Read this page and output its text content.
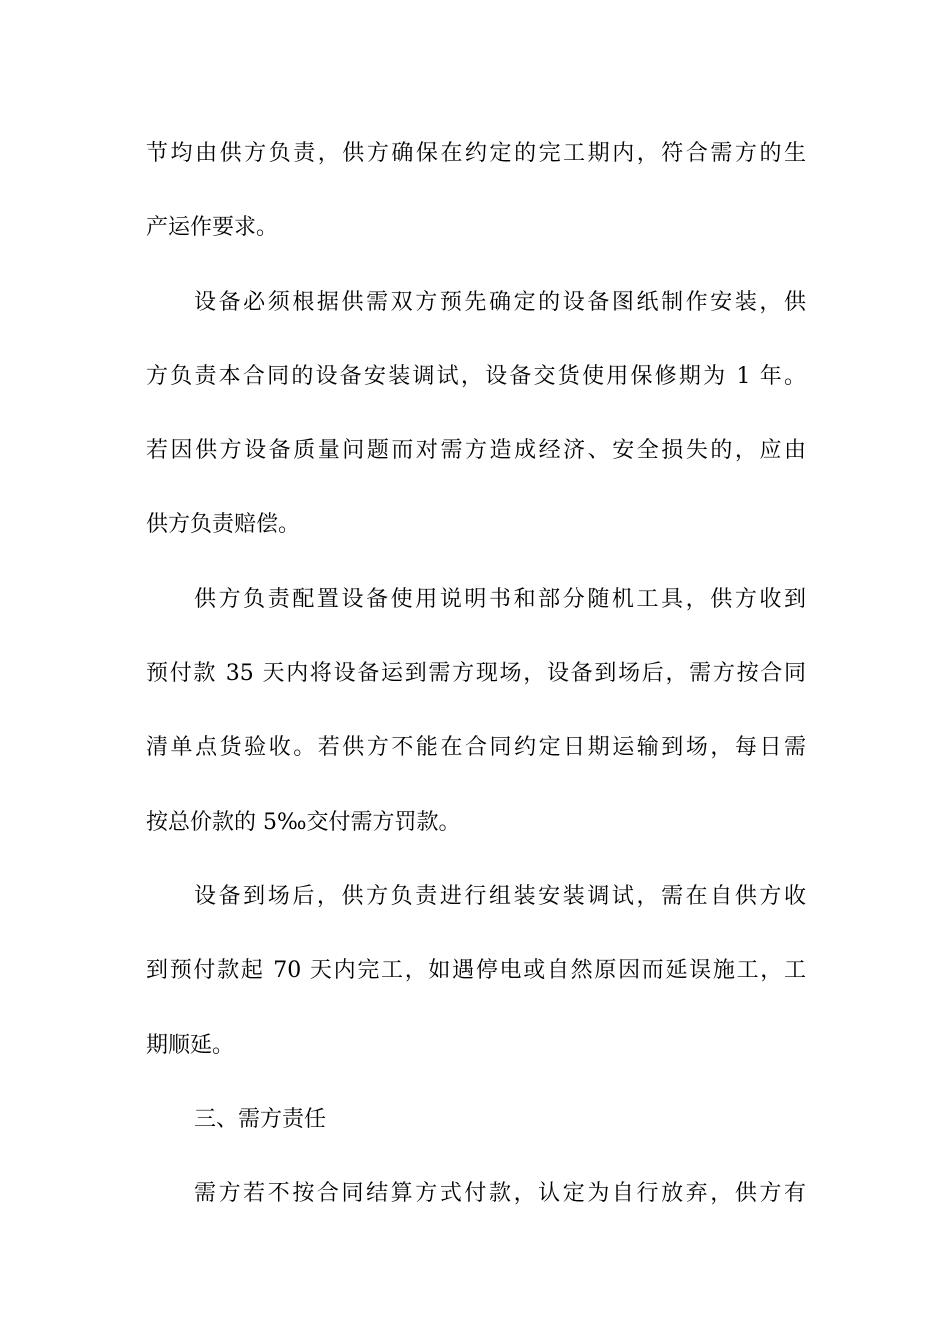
节均由供方负责，供方确保在约定的完工期内，符合需方的生
产运作要求。
设备必须根据供需双方预先确定的设备图纸制作安装，供
方负责本合同的设备安装调试，设备交货使用保修期为 1 年。
若因供方设备质量问题而对需方造成经济、安全损失的，应由
供方负责赔偿。
供方负责配置设备使用说明书和部分随机工具，供方收到
预付款 35 天内将设备运到需方现场，设备到场后，需方按合同
清单点货验收。若供方不能在合同约定日期运输到场，每日需
按总价款的 5‰交付需方罚款。
设备到场后，供方负责进行组装安装调试，需在自供方收
到预付款起 70 天内完工，如遇停电或自然原因而延误施工，工
期顺延。
三、需方责任
需方若不按合同结算方式付款，认定为自行放弃，供方有
